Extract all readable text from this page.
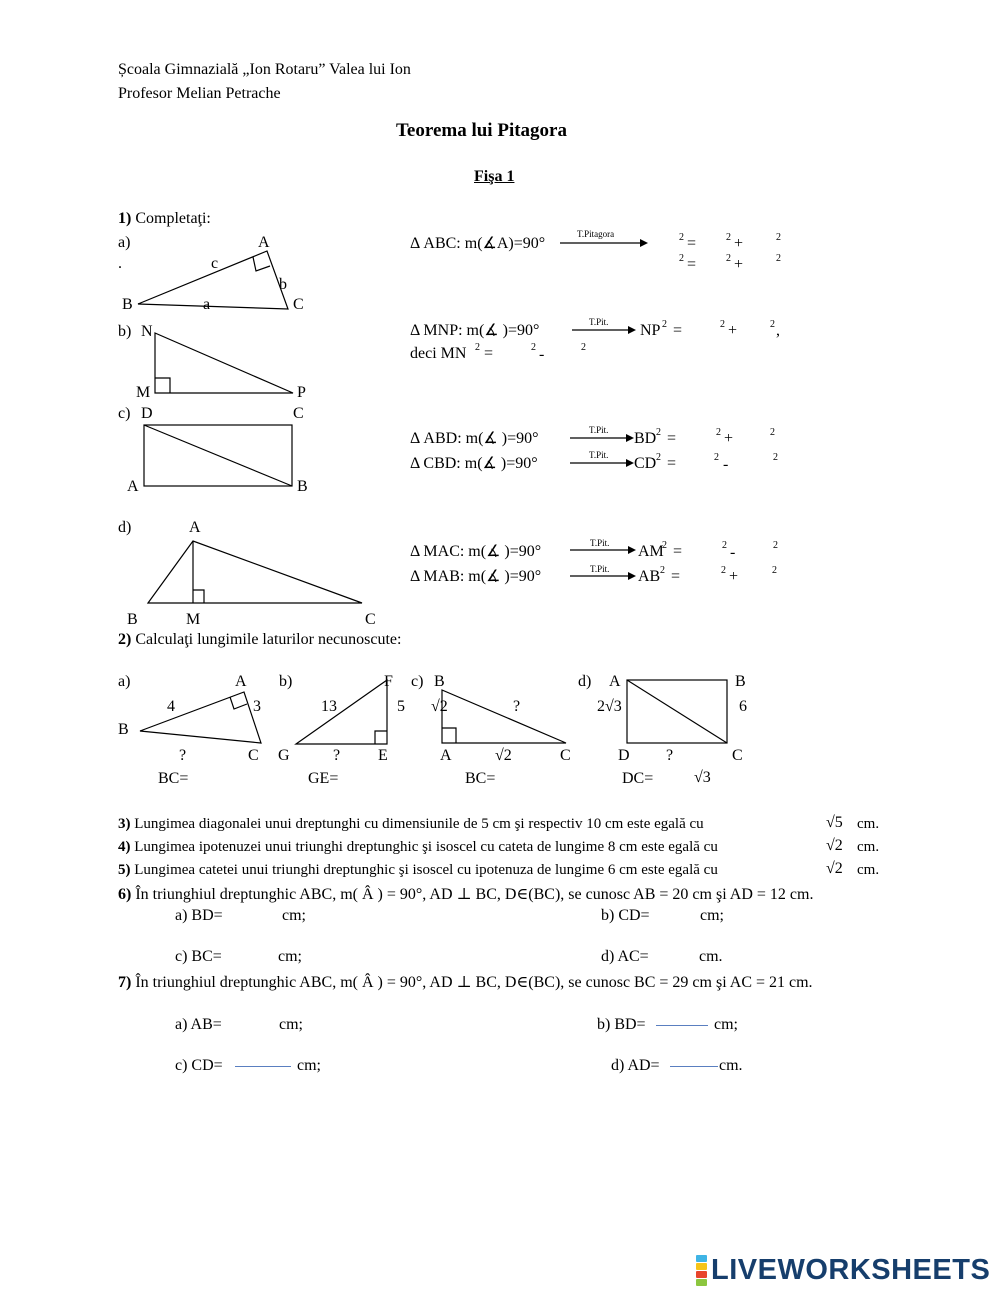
Școala Gimnazială „Ion Rotaru” Valea lui Ion
Profesor Melian Petrache
Teorema lui Pitagora
Fişa 1
1) Completaţi:
a)
.
A
c
b
B	a	C
Δ ABC: m(∡A)=90°
T.Pitagora	2 =	2 +	2
2 =	2 +	2
b) N
M	P
Δ MNP: m(∡ )=90°	T.Pit. NP 2 =	2 +	2 ,
deci MN 2 =	2 -	2
c) D	C
A	B
Δ ABD: m(∡ )=90°	T.Pit. BD 2 =	2 +	2
Δ CBD: m(∡ )=90°	T.Pit. CD 2 =	2 -	2
d)	A
B	M	C
Δ MAC: m(∡ )=90°	T.Pit. AM
2 =	2 -	2
Δ MAB: m(∡ )=90°	T.Pit. AB 2 =	2 +	2
2) Calculaţi lungimile laturilor necunoscute:
a)	A
4	3
B
?	C
BC=
b)	F
13	5
G	? E
GE=
c) B
√2	?
A	√2	C
BC=
d) A	B
2√3	6
D ?	C
DC=	√3
3) Lungimea diagonalei unui dreptunghi cu dimensiunile de 5 cm şi respectiv 10 cm este egală cu	√5 cm.
4) Lungimea ipotenuzei unui triunghi dreptunghic şi isoscel cu cateta de lungime 8 cm este egală cu	√2 cm.
5) Lungimea catetei unui triunghi dreptunghic şi isoscel cu ipotenuza de lungime 6 cm este egală cu	√2 cm.
6) În triunghiul dreptunghic ABC, m( Â ) = 90°, AD ⊥ BC, D∈(BC), se cunosc AB = 20 cm şi AD = 12 cm.
a) BD=	cm;	b) CD=	cm;
c) BC=	cm;	d) AC=	cm.
7) În triunghiul dreptunghic ABC, m( Â ) = 90°, AD ⊥ BC, D∈(BC), se cunosc BC = 29 cm şi AC = 21 cm.
a) AB=	cm;	b) BD=	cm;
c) CD=	cm;	d) AD=	cm.
LIVEWORKSHEETS
